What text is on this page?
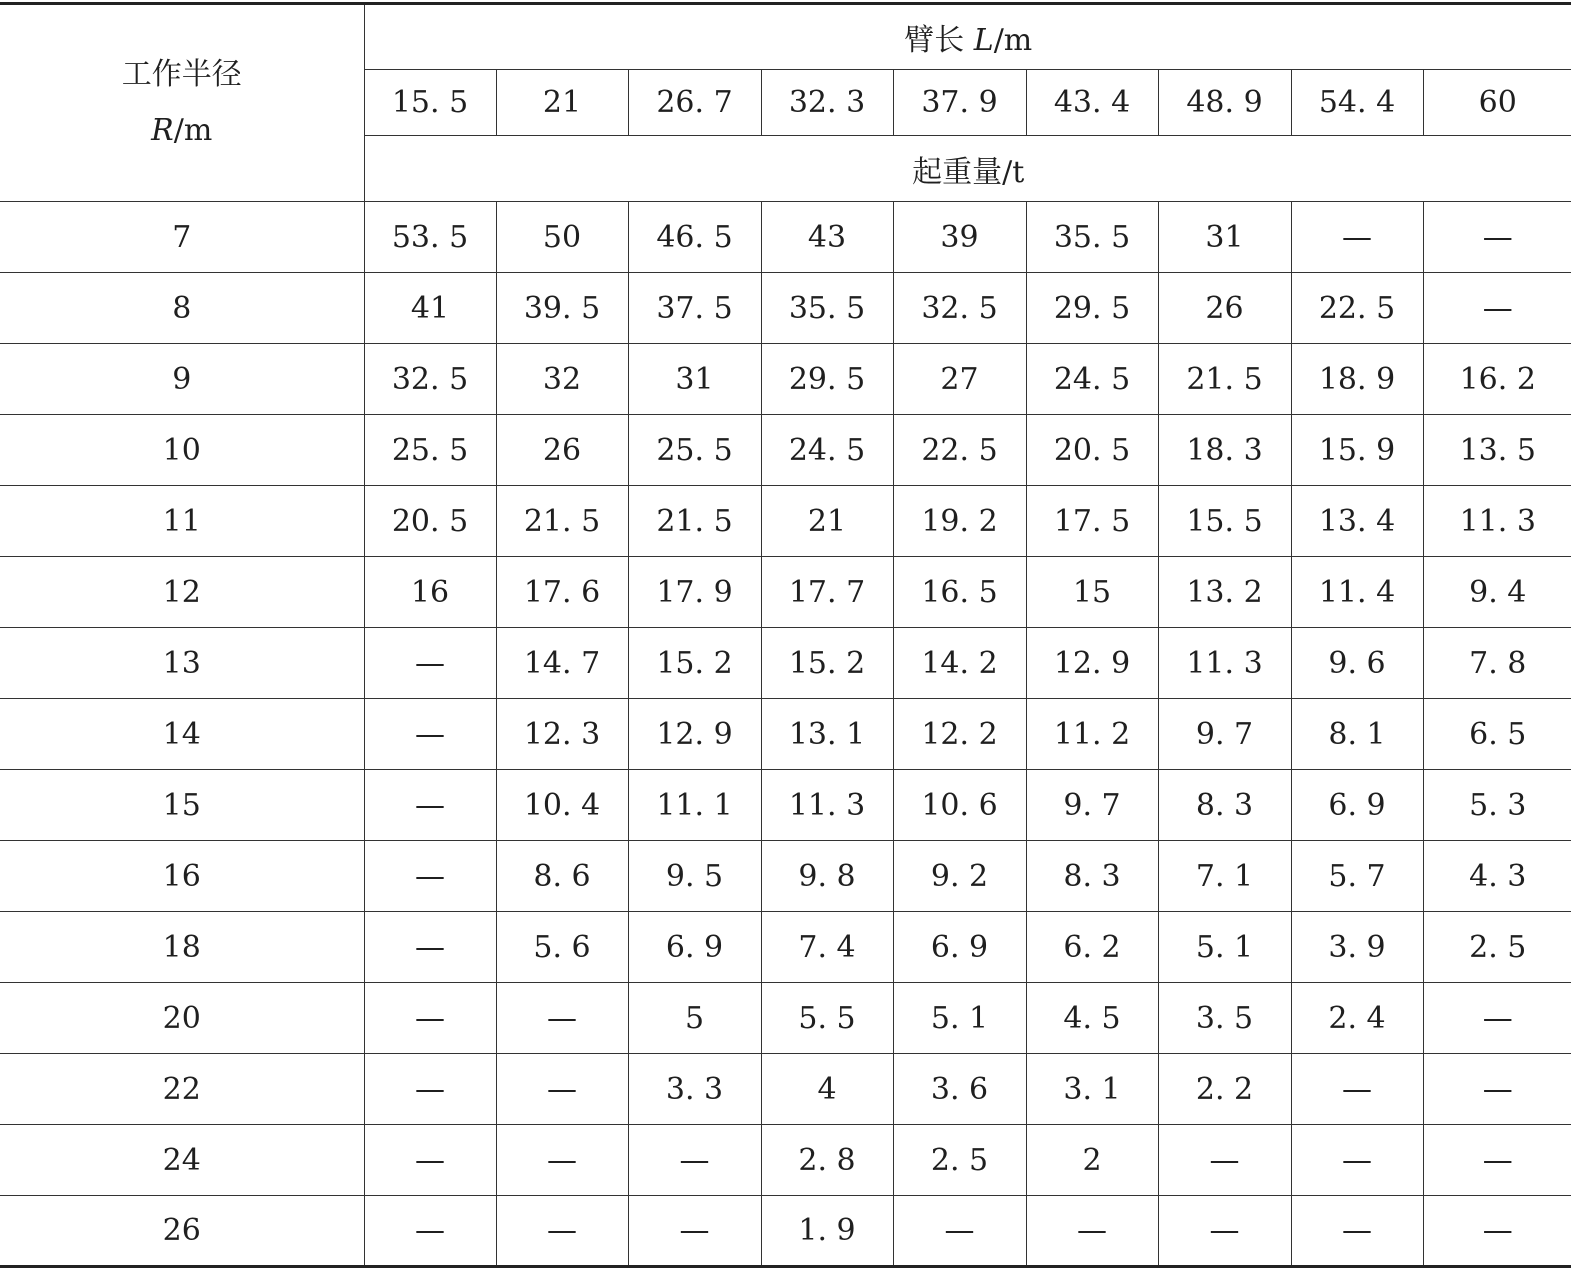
工作半径
R/m	臂长 L/m								
	15. 5	21	26. 7	32. 3	37. 9	43. 4	48. 9	54. 4	60
	起重量/t								
7	53. 5	50	46. 5	43	39	35. 5	31	—	—
8	41	39. 5	37. 5	35. 5	32. 5	29. 5	26	22. 5	—
9	32. 5	32	31	29. 5	27	24. 5	21. 5	18. 9	16. 2
10	25. 5	26	25. 5	24. 5	22. 5	20. 5	18. 3	15. 9	13. 5
11	20. 5	21. 5	21. 5	21	19. 2	17. 5	15. 5	13. 4	11. 3
12	16	17. 6	17. 9	17. 7	16. 5	15	13. 2	11. 4	9. 4
13	—	14. 7	15. 2	15. 2	14. 2	12. 9	11. 3	9. 6	7. 8
14	—	12. 3	12. 9	13. 1	12. 2	11. 2	9. 7	8. 1	6. 5
15	—	10. 4	11. 1	11. 3	10. 6	9. 7	8. 3	6. 9	5. 3
16	—	8. 6	9. 5	9. 8	9. 2	8. 3	7. 1	5. 7	4. 3
18	—	5. 6	6. 9	7. 4	6. 9	6. 2	5. 1	3. 9	2. 5
20	—	—	5	5. 5	5. 1	4. 5	3. 5	2. 4	—
22	—	—	3. 3	4	3. 6	3. 1	2. 2	—	—
24	—	—	—	2. 8	2. 5	2	—	—	—
26	—	—	—	1. 9	—	—	—	—	—
